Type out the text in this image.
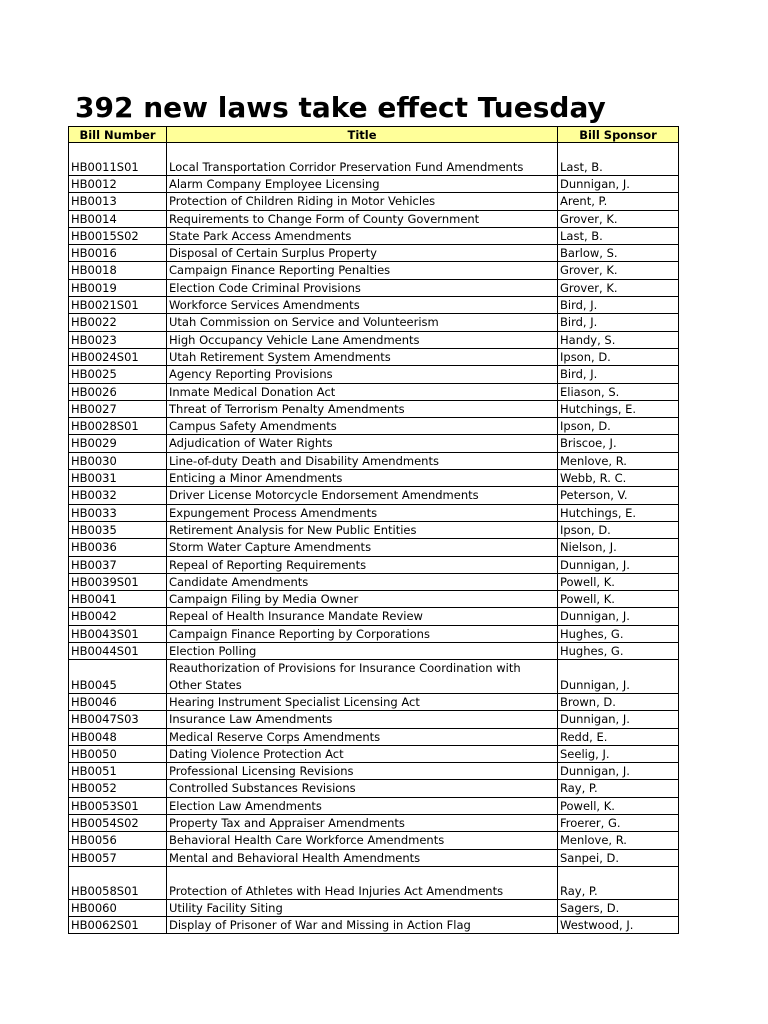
392 new laws take effect Tuesday
Bill Number	Title	Bill Sponsor
HB0011S01	Local Transportation Corridor Preservation Fund Amendments	Last, B.
HB0012	Alarm Company Employee Licensing	Dunnigan, J.
HB0013	Protection of Children Riding in Motor Vehicles	Arent, P.
HB0014	Requirements to Change Form of County Government	Grover, K.
HB0015S02	State Park Access Amendments	Last, B.
HB0016	Disposal of Certain Surplus Property	Barlow, S.
HB0018	Campaign Finance Reporting Penalties	Grover, K.
HB0019	Election Code Criminal Provisions	Grover, K.
HB0021S01	Workforce Services Amendments	Bird, J.
HB0022	Utah Commission on Service and Volunteerism	Bird, J.
HB0023	High Occupancy Vehicle Lane Amendments	Handy, S.
HB0024S01	Utah Retirement System Amendments	Ipson, D.
HB0025	Agency Reporting Provisions	Bird, J.
HB0026	Inmate Medical Donation Act	Eliason, S.
HB0027	Threat of Terrorism Penalty Amendments	Hutchings, E.
HB0028S01	Campus Safety Amendments	Ipson, D.
HB0029	Adjudication of Water Rights	Briscoe, J.
HB0030	Line-of-duty Death and Disability Amendments	Menlove, R.
HB0031	Enticing a Minor Amendments	Webb, R. C.
HB0032	Driver License Motorcycle Endorsement Amendments	Peterson, V.
HB0033	Expungement Process Amendments	Hutchings, E.
HB0035	Retirement Analysis for New Public Entities	Ipson, D.
HB0036	Storm Water Capture Amendments	Nielson, J.
HB0037	Repeal of Reporting Requirements	Dunnigan, J.
HB0039S01	Candidate Amendments	Powell, K.
HB0041	Campaign Filing by Media Owner	Powell, K.
HB0042	Repeal of Health Insurance Mandate Review	Dunnigan, J.
HB0043S01	Campaign Finance Reporting by Corporations	Hughes, G.
HB0044S01	Election Polling	Hughes, G.
HB0045	Reauthorization of Provisions for Insurance Coordination with Other States	Dunnigan, J.
HB0046	Hearing Instrument Specialist Licensing Act	Brown, D.
HB0047S03	Insurance Law Amendments	Dunnigan, J.
HB0048	Medical Reserve Corps Amendments	Redd, E.
HB0050	Dating Violence Protection Act	Seelig, J.
HB0051	Professional Licensing Revisions	Dunnigan, J.
HB0052	Controlled Substances Revisions	Ray, P.
HB0053S01	Election Law Amendments	Powell, K.
HB0054S02	Property Tax and Appraiser Amendments	Froerer, G.
HB0056	Behavioral Health Care Workforce Amendments	Menlove, R.
HB0057	Mental and Behavioral Health Amendments	Sanpei, D.
HB0058S01	Protection of Athletes with Head Injuries Act Amendments	Ray, P.
HB0060	Utility Facility Siting	Sagers, D.
HB0062S01	Display of Prisoner of War and Missing in Action Flag	Westwood, J.
